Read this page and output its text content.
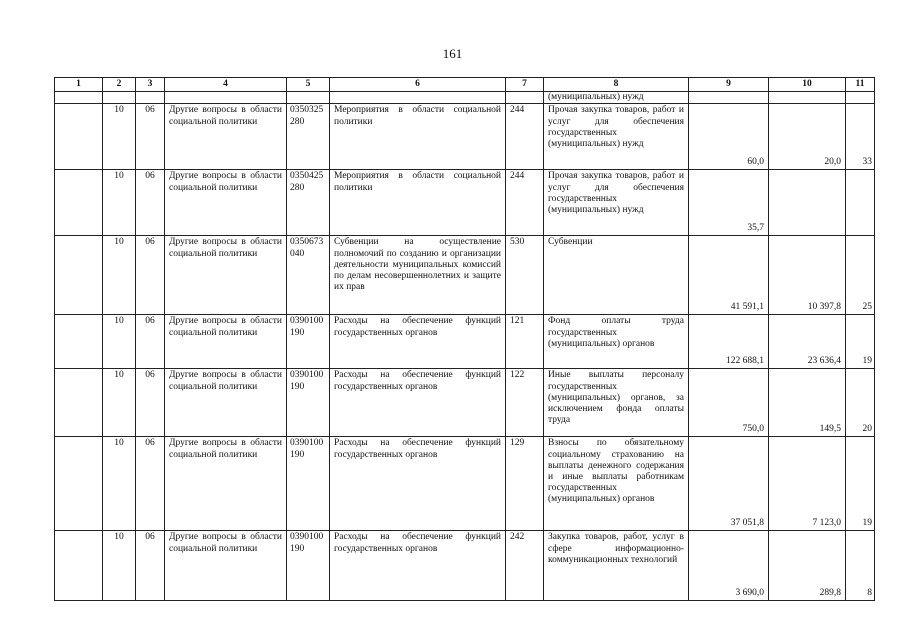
161
1	2	3	4	5	6	7	8	9	10	11
							(муниципальных) нужд			
	10	06	Другие вопросы в области социальной политики	0350325280	Мероприятия в области социальной политики	244	Прочая закупка товаров, работ и услуг для обеспечения государственных (муниципальных) нужд	60,0	20,0	33
	10	06	Другие вопросы в области социальной политики	0350425280	Мероприятия в области социальной политики	244	Прочая закупка товаров, работ и услуг для обеспечения государственных (муниципальных) нужд	35,7		
	10	06	Другие вопросы в области социальной политики	0350673040	Субвенции на осуществление полномочий по созданию и организации деятельности муниципальных комиссий по делам несовершеннолетних и защите их прав	530	Субвенции	41 591,1	10 397,8	25
	10	06	Другие вопросы в области социальной политики	0390100190	Расходы на обеспечение функций государственных органов	121	Фонд оплаты труда государственных (муниципальных) органов	122 688,1	23 636,4	19
	10	06	Другие вопросы в области социальной политики	0390100190	Расходы на обеспечение функций государственных органов	122	Иные выплаты персоналу государственных (муниципальных) органов, за исключением фонда оплаты труда	750,0	149,5	20
	10	06	Другие вопросы в области социальной политики	0390100190	Расходы на обеспечение функций государственных органов	129	Взносы по обязательному социальному страхованию на выплаты денежного содержания и иные выплаты работникам государственных (муниципальных) органов	37 051,8	7 123,0	19
	10	06	Другие вопросы в области социальной политики	0390100190	Расходы на обеспечение функций государственных органов	242	Закупка товаров, работ, услуг в сфере информационно-коммуникационных технологий	3 690,0	289,8	8
